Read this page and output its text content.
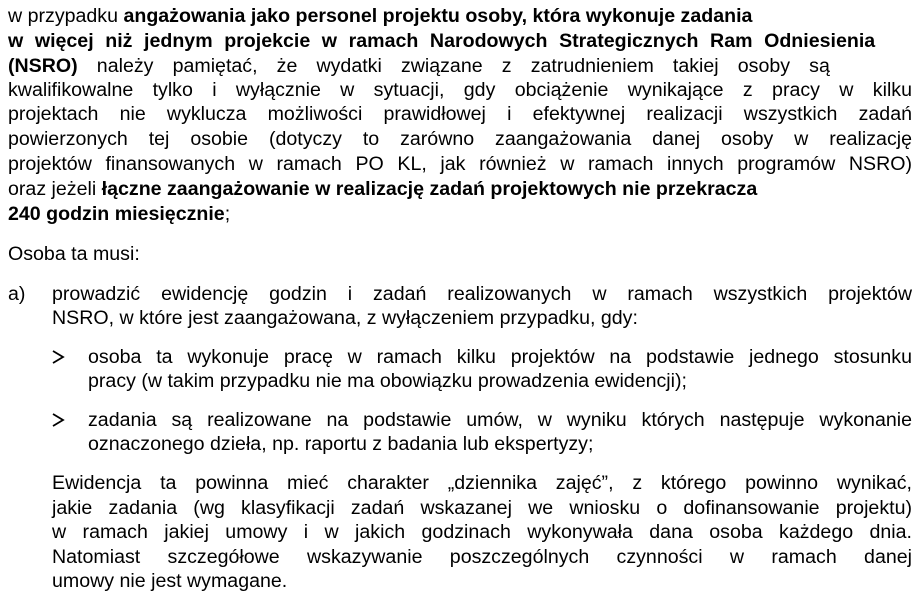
w przypadku angażowania jako personel projektu osoby, która wykonuje zadania
w więcej niż jednym projekcie w ramach Narodowych Strategicznych Ram Odniesienia
(NSRO) należy pamiętać, że wydatki związane z zatrudnieniem takiej osoby są
kwalifikowalne tylko i wyłącznie w sytuacji, gdy obciążenie wynikające z pracy w kilku
projektach nie wyklucza możliwości prawidłowej i efektywnej realizacji wszystkich zadań
powierzonych tej osobie (dotyczy to zarówno zaangażowania danej osoby w realizację
projektów finansowanych w ramach PO KL, jak również w ramach innych programów NSRO)
oraz jeżeli łączne zaangażowanie w realizację zadań projektowych nie przekracza
240 godzin miesięcznie;
Osoba ta musi:
a) prowadzić ewidencję godzin i zadań realizowanych w ramach wszystkich projektów
NSRO, w które jest zaangażowana, z wyłączeniem przypadku, gdy:
osoba ta wykonuje pracę w ramach kilku projektów na podstawie jednego stosunku
pracy (w takim przypadku nie ma obowiązku prowadzenia ewidencji);
zadania są realizowane na podstawie umów, w wyniku których następuje wykonanie
oznaczonego dzieła, np. raportu z badania lub ekspertyzy;
Ewidencja ta powinna mieć charakter „dziennika zajęć”, z którego powinno wynikać,
jakie zadania (wg klasyfikacji zadań wskazanej we wniosku o dofinansowanie projektu)
w ramach jakiej umowy i w jakich godzinach wykonywała dana osoba każdego dnia.
Natomiast szczegółowe wskazywanie poszczególnych czynności w ramach danej
umowy nie jest wymagane.
